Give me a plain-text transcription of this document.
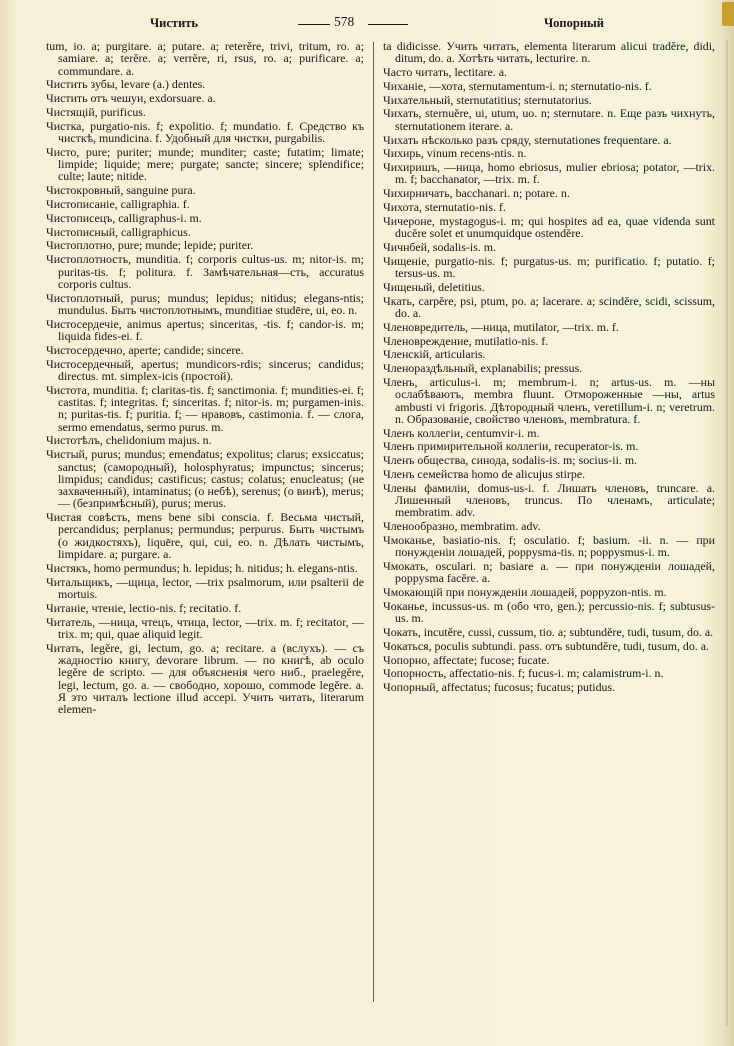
Чистить	578	Чопорный

tum, io. a; purgitare. a; putare. a; reterĕre, trivi, tritum, ro. a; samiare. a; terĕre. a; verrĕre, ri, rsus, ro. a; purificare. a; commundare. a.

Чистить зубы, levare (a.) dentes.

Чистить отъ чешуи, exdorsuare. a.

Чистящій, purificus.

Чистка, purgatio-nis. f; expolitio. f; mundatio. f. Средство къ чисткѣ, mundicina. f. Удобный для чистки, purgabilis.

Чисто, pure; puriter; munde; munditer; caste; futatim; limate; limpide; liquide; mere; purgate; sancte; sincere; splendifice; culte; laute; nitide.

Чистокровный, sanguine pura.

Чистописаніе, calligraphia. f.

Чистописецъ, calligraphus-i. m.

Чистописный, calligraphicus.

Чистоплотно, pure; munde; lepide; puriter.

Чистоплотность, munditia. f; corporis cultus-us. m; nitor-is. m; puritas-tis. f; politura. f. Замѣчательная—сть, accuratus corporis cultus.

Чистоплотный, purus; mundus; lepidus; nitidus; elegans-ntis; mundulus. Быть чистоплотнымъ, munditiae studēre, ui, eo. n.

Чистосердечіе, animus apertus; sinceritas, -tis. f; candor-is. m; liquida fides-ei. f.

Чистосердечно, aperte; candide; sincere.

Чистосердечный, apertus; mundicors-rdis; sincerus; candidus; directus. mt. simplex-icis (простой).

Чистота, munditia. f; claritas-tis. f; sanctimonia. f; mundities-ei. f; castitas. f; integritas. f; sinceritas. f; nitor-is. m; purgamen-inis. n; puritas-tis. f; puritia. f; — нравовъ, castimonia. f. — слога, sermo emendatus, sermo purus. m.

Чистотѣлъ, chelidonium majus. n.

Чистый, purus; mundus; emendatus; expolitus; clarus; exsiccatus; sanctus; (самородный), holosphyratus; impunctus; sincerus; limpidus; candidus; castificus; castus; colatus; enucleatus; (не захваченный), intaminatus; (о небѣ), serenus; (о винѣ), merus; — (безпримѣсный), purus; merus.

Чистая совѣсть, mens bene sibi conscia. f. Весьма чистый, percandidus; perplanus; permundus; perpurus. Быть чистымъ (о жидкостяхъ), liquēre, qui, cui, eo. n. Дѣлать чистымъ, limpidare. a; purgare. a.

Чистякъ, homo permundus; h. lepidus; h. nitidus; h. elegans-ntis.

Читальщикъ, —щица, lector, —trix psalmorum, или psalterii de mortuis.

Читаніе, чтеніе, lectio-nis. f; recitatio. f.

Читатель, —ница, чтецъ, чтица, lector, —trix. m. f; recitator, —trix. m; qui, quae aliquid legit.

Читать, legĕre, gi, lectum, go. a; recitare. a (вслухъ). — съ жадностію книгу, devorare librum. — по книгѣ, ab oculo legĕre de scripto. — для объясненія чего ниб., praelegĕre, legi, lectum, go. a. — свободно, хорошо, commode legĕre. a. Я это читалъ lectione illud accepi. Учить читать, literarum elemen-

ta didicisse. Учить читать, elementa literarum alicui tradĕre, didi, ditum, do. a. Хотѣть читать, lecturire. n.

Часто читать, lectitare. a.

Чиханіе, —хота, sternutamentum-i. n; sternutatio-nis. f.

Чихательный, sternutatitius; sternutatorius.

Чихать, sternuĕre, ui, utum, uo. n; sternutare. n. Еще разъ чихнуть, sternutationem iterare. a.

Чихать нѣсколько разъ сряду, sternutationes frequentare. a.

Чихирь, vinum recens-ntis. n.

Чихиришъ, —ница, homo ebriosus, mulier ebriosa; potator, —trix. m. f; bacchanator, —trix. m. f.

Чихирничать, bacchanari. n; potare. n.

Чихота, sternutatio-nis. f.

Чичероне, mystagogus-i. m; qui hospites ad ea, quae videnda sunt ducĕre solet et unumquidque ostendĕre.

Чичнбей, sodalis-is. m.

Чищеніе, purgatio-nis. f; purgatus-us. m; purificatio. f; putatio. f; tersus-us. m.

Чищеный, deletitius.

Чкать, carpĕre, psi, ptum, po. a; lacerare. a; scindĕre, scidi, scissum, do. a.

Членовредитель, —ница, mutilator, —trix. m. f.

Членовреждение, mutilatio-nis. f.

Членскій, articularis.

Членораздѣльный, explanabilis; pressus.

Членъ, articulus-i. m; membrum-i. n; artus-us. m. —ны ослабѣваютъ, membra fluunt. Отмороженные —ны, artus ambusti vi frigoris. Дѣтородный членъ, veretillum-i. n; veretrum. n. Образованіе, свойство членовъ, membratura. f.

Членъ коллегіи, centumvir-i. m.

Членъ примирительной коллегіи, recuperator-is. m.

Членъ общества, синода, sodalis-is. m; socius-ii. m.

Членъ семейства homo de alicujus stirpe.

Члены фамиліи, domus-us-i. f. Лишать членовъ, truncare. a. Лишенный членовъ, truncus. По членамъ, articulate; membratim. adv.

Членообразно, membratim. adv.

Чмоканье, basiatio-nis. f; osculatio. f; basium. -ii. n. — при понужденіи лошадей, poppysma-tis. n; poppysmus-i. m.

Чмокать, osculari. n; basiare a. — при понужденіи лошадей, poppysma facĕre. a.

Чмокающій при понужденіи лошадей, poppyzon-ntis. m.

Чоканье, incussus-us. m (обо что, gen.); percussio-nis. f; subtusus-us. m.

Чокать, incutĕre, cussi, cussum, tio. a; subtundĕre, tudi, tusum, do. a.

Чокаться, poculis subtundi. pass. отъ subtundĕre, tudi, tusum, do. a.

Чопорно, affectate; fucose; fucate.

Чопорность, affectatio-nis. f; fucus-i. m; calamistrum-i. n.

Чопорный, affectatus; fucosus; fucatus; putidus.
